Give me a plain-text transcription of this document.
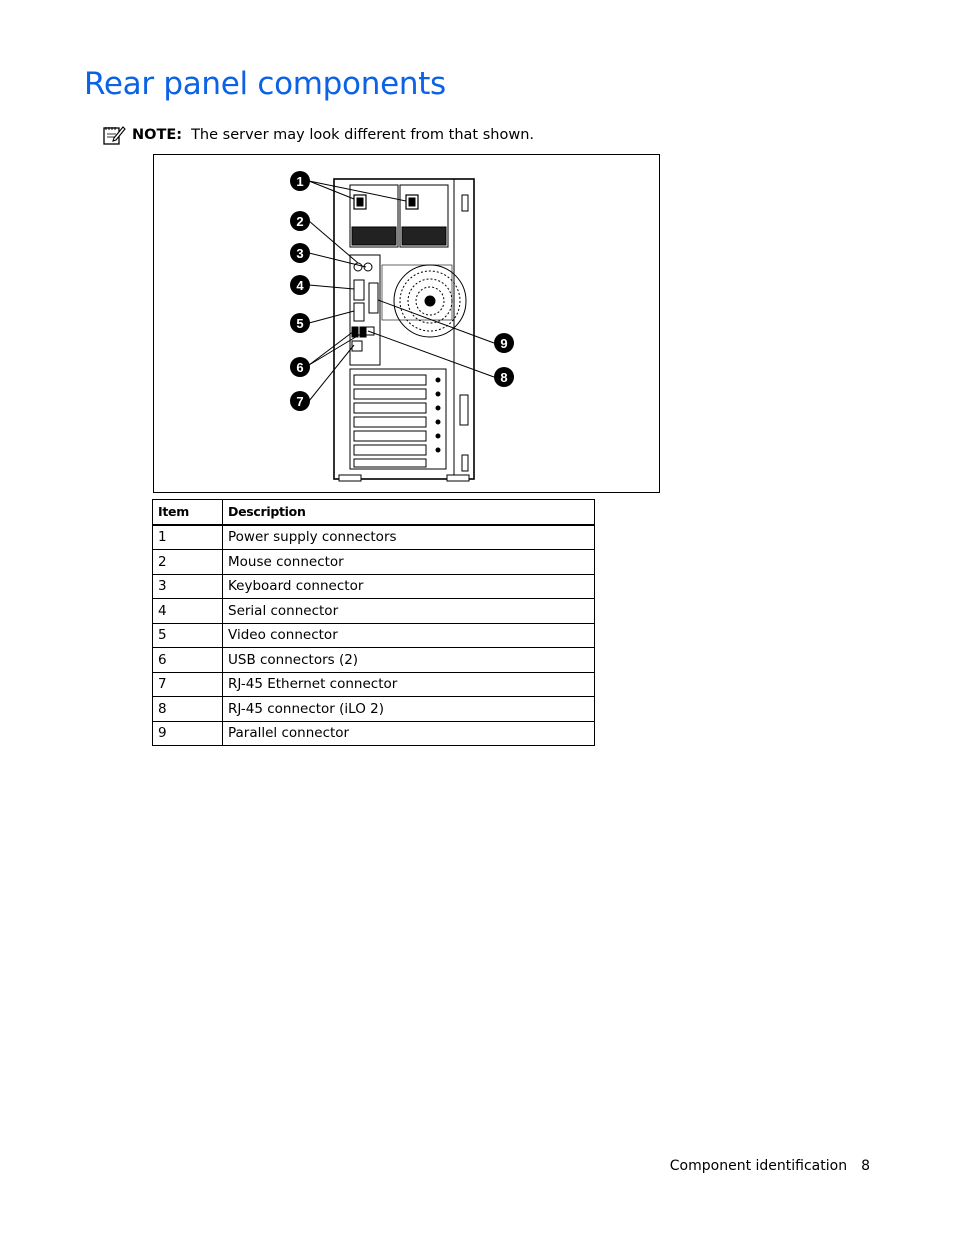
Rear panel components
NOTE: The server may look different from that shown.
1
2
3
4
5
6
7
8
9
Item	Description
1	Power supply connectors
2	Mouse connector
3	Keyboard connector
4	Serial connector
5	Video connector
6	USB connectors (2)
7	RJ-45 Ethernet connector
8	RJ-45 connector (iLO 2)
9	Parallel connector
Component identification 8
